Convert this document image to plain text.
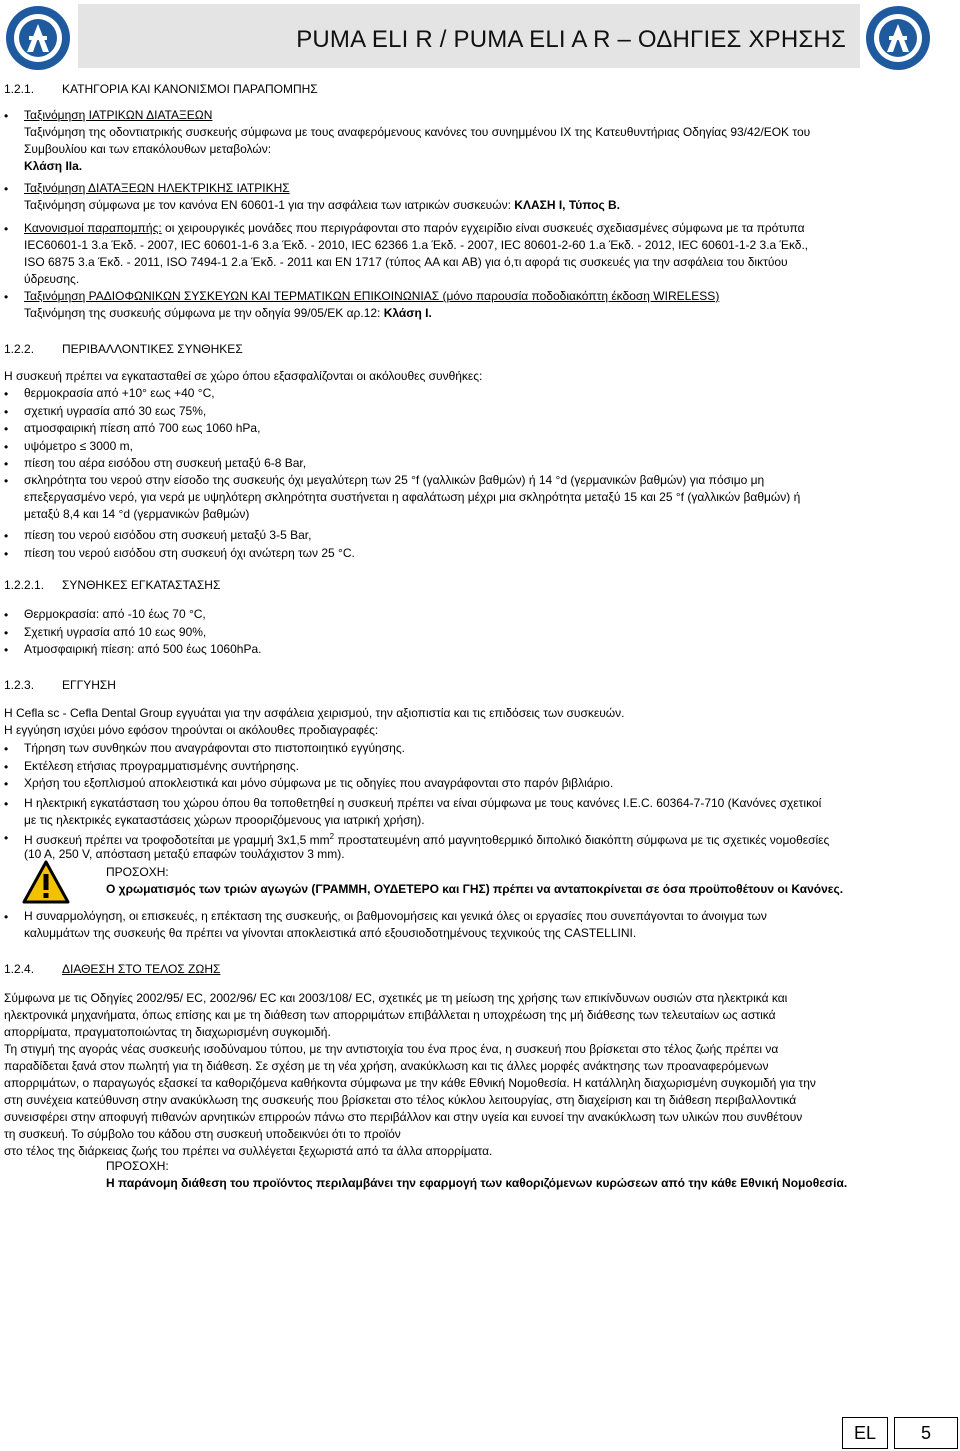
PUMA ELI R / PUMA ELI A R – ΟΔΗΓΙΕΣ ΧΡΗΣΗΣ
1.2.1. ΚΑΤΗΓΟΡΙΑ ΚΑΙ ΚΑΝΟΝΙΣΜΟΙ ΠΑΡΑΠΟΜΠΗΣ
• Ταξινόμηση ΙΑΤΡΙΚΩΝ ΔΙΑΤΑΞΕΩΝ
Ταξινόμηση της οδοντιατρικής συσκευής σύμφωνα με τους αναφερόμενους κανόνες του συνημμένου IX της Κατευθυντήριας Οδηγίας 93/42/ΕΟΚ του
Συμβουλίου και των επακόλουθων μεταβολών:
Κλάση IIa.
• Ταξινόμηση ΔΙΑΤΑΞΕΩΝ ΗΛΕΚΤΡΙΚΗΣ ΙΑΤΡΙΚΗΣ
Ταξινόμηση σύμφωνα με τον κανόνα EN 60601-1 για την ασφάλεια των ιατρικών συσκευών: ΚΛΑΣΗ I, Τύπος B.
• Κανονισμοί παραπομπής: οι χειρουργικές μονάδες που περιγράφονται στο παρόν εγχειρίδιο είναι συσκευές σχεδιασμένες σύμφωνα με τα πρότυπα
IEC60601-1 3.a Έκδ. - 2007, IEC 60601-1-6 3.a Έκδ. - 2010, IEC 62366 1.a Έκδ. - 2007, IEC 80601-2-60 1.a Έκδ. - 2012, IEC 60601-1-2 3.a Έκδ.,
ISO 6875 3.a Έκδ. - 2011, ISO 7494-1 2.a Έκδ. - 2011 και EN 1717 (τύπος AA και AB) για ό,τι αφορά τις συσκευές για την ασφάλεια του δικτύου
ύδρευσης.
• Ταξινόμηση ΡΑΔΙΟΦΩΝΙΚΩΝ ΣΥΣΚΕΥΩΝ ΚΑΙ ΤΕΡΜΑΤΙΚΩΝ ΕΠΙΚΟΙΝΩΝΙΑΣ (μόνο παρουσία ποδοδιακόπτη έκδοση WIRELESS)
Ταξινόμηση της συσκευής σύμφωνα με την οδηγία 99/05/ΕΚ αρ.12: Κλάση I.
1.2.2. ΠΕΡΙΒΑΛΛΟΝΤΙΚΕΣ ΣΥΝΘΗΚΕΣ
Η συσκευή πρέπει να εγκατασταθεί σε χώρο όπου εξασφαλίζονται οι ακόλουθες συνθήκες:
• θερμοκρασία από +10° εως +40 °C,
• σχετική υγρασία από 30 εως 75%,
• ατμοσφαιρική πίεση από 700 εως 1060 hPa,
• υψόμετρο ≤ 3000 m,
• πίεση του αέρα εισόδου στη συσκευή μεταξύ 6-8 Bar,
• σκληρότητα του νερού στην είσοδο της συσκευής όχι μεγαλύτερη των 25 °f (γαλλικών βαθμών) ή 14 °d (γερμανικών βαθμών) για πόσιμο μη
επεξεργασμένο νερό, για νερά με υψηλότερη σκληρότητα συστήνεται η αφαλάτωση μέχρι μια σκληρότητα μεταξύ 15 και 25 °f (γαλλικών βαθμών) ή
μεταξύ 8,4 και 14 °d (γερμανικών βαθμών)
• πίεση του νερού εισόδου στη συσκευή μεταξύ 3-5 Bar,
• πίεση του νερού εισόδου στη συσκευή όχι ανώτερη των 25 °C.
1.2.2.1. ΣΥΝΘΗΚΕΣ ΕΓΚΑΤΑΣΤΑΣΗΣ
• Θερμοκρασία: από -10 έως 70 °C,
• Σχετική υγρασία από 10 εως 90%,
• Ατμοσφαιρική πίεση: από 500 έως 1060hPa.
1.2.3. ΕΓΓΥΗΣΗ
Η Cefla sc - Cefla Dental Group εγγυάται για την ασφάλεια χειρισμού, την αξιοπιστία και τις επιδόσεις των συσκευών.
Η εγγύηση ισχύει μόνο εφόσον τηρούνται οι ακόλουθες προδιαγραφές:
• Τήρηση των συνθηκών που αναγράφονται στο πιστοποιητικό εγγύησης.
• Εκτέλεση ετήσιας προγραμματισμένης συντήρησης.
• Χρήση του εξοπλισμού αποκλειστικά και μόνο σύμφωνα με τις οδηγίες που αναγράφονται στο παρόν βιβλιάριο.
• Η ηλεκτρική εγκατάσταση του χώρου όπου θα τοποθετηθεί η συσκευή πρέπει να είναι σύμφωνα με τους κανόνες I.E.C. 60364-7-710 (Κανόνες σχετικοί
με τις ηλεκτρικές εγκαταστάσεις χώρων προοριζόμενους για ιατρική χρήση).
• Η συσκευή πρέπει να τροφοδοτείται με γραμμή 3x1,5 $mm^2$ προστατευμένη από μαγνητοθερμικό διπολικό διακόπτη σύμφωνα με τις σχετικές νομοθεσίες
(10 A, 250 V, απόσταση μεταξύ επαφών τουλάχιστον 3 mm).
ΠΡΟΣΟΧΗ:
Ο χρωματισμός των τριών αγωγών (ΓΡΑΜΜΗ, ΟΥΔΕΤΕΡΟ και ΓΗΣ) πρέπει να ανταποκρίνεται σε όσα προϋποθέτουν οι Κανόνες.
• Η συναρμολόγηση, οι επισκευές, η επέκταση της συσκευής, οι βαθμονομήσεις και γενικά όλες οι εργασίες που συνεπάγονται το άνοιγμα των
καλυμμάτων της συσκευής θα πρέπει να γίνονται αποκλειστικά από εξουσιοδοτημένους τεχνικούς της CASTELLINI.
1.2.4. ΔΙΑΘΕΣΗ ΣΤΟ ΤΕΛΟΣ ΖΩΗΣ
Σύμφωνα με τις Οδηγίες 2002/95/ EC, 2002/96/ EC και 2003/108/ EC, σχετικές με τη μείωση της χρήσης των επικίνδυνων ουσιών στα ηλεκτρικά και
ηλεκτρονικά μηχανήματα, όπως επίσης και με τη διάθεση των απορριμάτων επιβάλλεται η υποχρέωση της μή διάθεσης των τελευταίων ως αστικά
απορρίματα, πραγματοποιώντας τη διαχωρισμένη συγκομιδή.
Τη στιγμή της αγοράς νέας συσκευής ισοδύναμου τύπου, με την αντιστοιχία του ένα προς ένα, η συσκευή που βρίσκεται στο τέλος ζωής πρέπει να
παραδίδεται ξανά στον πωλητή για τη διάθεση. Σε σχέση με τη νέα χρήση, ανακύκλωση και τις άλλες μορφές ανάκτησης των προαναφερόμενων
απορριμάτων, ο παραγωγός εξασκεί τα καθοριζόμενα καθήκοντα σύμφωνα με την κάθε Εθνική Νομοθεσία. Η κατάλληλη διαχωρισμένη συγκομιδή για την
στη συνέχεια κατεύθυνση στην ανακύκλωση της συσκευής που βρίσκεται στο τέλος κύκλου λειτουργίας, στη διαχείριση και τη διάθεση περιβαλλοντικά
συνεισφέρει στην αποφυγή πιθανών αρνητικών επιρροών πάνω στο περιβάλλον και στην υγεία και ευνοεί την ανακύκλωση των υλικών που συνθέτουν
τη συσκευή. Το σύμβολο του κάδου στη συσκευή υποδεικνύει ότι το προϊόν
στο τέλος της διάρκειας ζωής του πρέπει να συλλέγεται ξεχωριστά από τα άλλα απορρίματα.
ΠΡΟΣΟΧΗ:
Η παράνομη διάθεση του προϊόντος περιλαμβάνει την εφαρμογή των καθοριζόμενων κυρώσεων από την κάθε Εθνική Νομοθεσία.
EL	5
